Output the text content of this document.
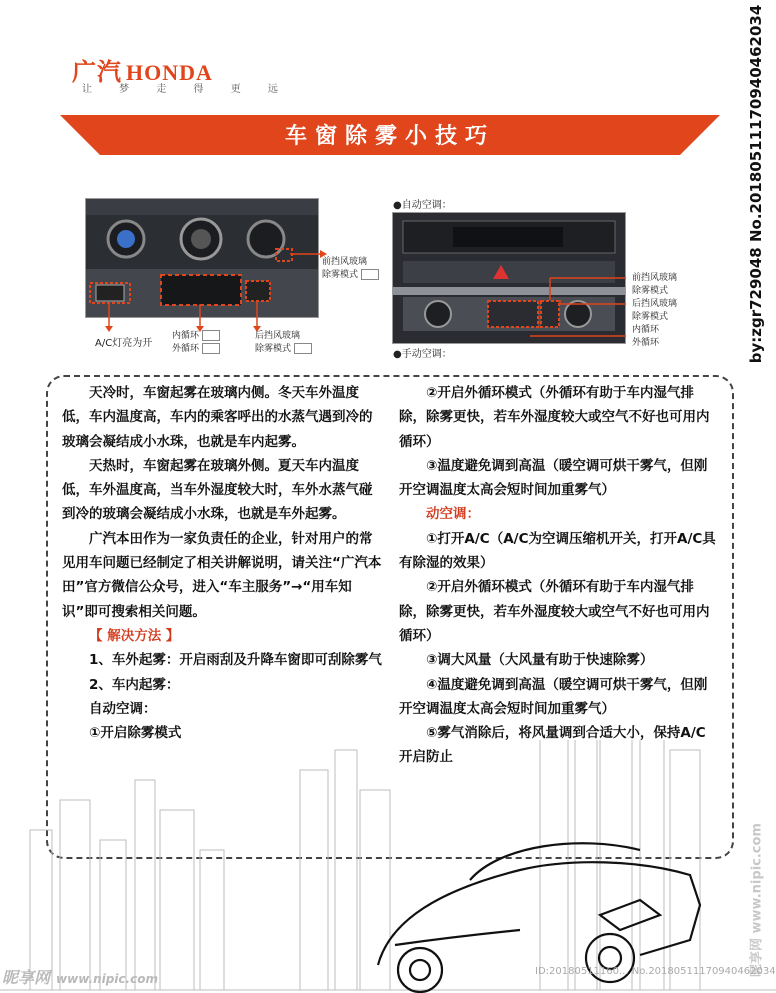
广汽 HONDA
让 梦 走 得 更 远	by:zgr729048 No.20180511170940462034
车窗除雾小技巧
前挡风玻璃
除雾模式
A/C灯亮为开
内循环
外循环
后挡风玻璃
除雾模式
●自动空调：
●手动空调：
前挡风玻璃
除雾模式
后挡风玻璃
除雾模式
内循环
外循环

天冷时，车窗起雾在玻璃内侧。冬天车外温度低，车内温度高，车内的乘客呼出的水蒸气遇到冷的玻璃会凝结成小水珠，也就是车内起雾。

天热时，车窗起雾在玻璃外侧。夏天车内温度低，车外温度高，当车外湿度较大时，车外水蒸气碰到冷的玻璃会凝结成小水珠，也就是车外起雾。

广汽本田作为一家负责任的企业，针对用户的常见用车问题已经制定了相关讲解说明，请关注“广汽本田”官方微信公众号，进入“车主服务”→“用车知识”即可搜索相关问题。

【 解决方法 】

1、车外起雾：开启雨刮及升降车窗即可刮除雾气

2、车内起雾：

自动空调：

①开启除雾模式

②开启外循环模式（外循环有助于车内湿气排除，除雾更快，若车外湿度较大或空气不好也可用内循环）

③温度避免调到高温（暖空调可烘干雾气，但刚开空调温度太高会短时间加重雾气）

动空调：

①打开A/C（A/C为空调压缩机开关，打开A/C具有除湿的效果）

②开启外循环模式（外循环有助于车内湿气排除，除雾更快，若车外湿度较大或空气不好也可用内循环）

③调大风量（大风量有助于快速除雾）

④温度避免调到高温（暖空调可烘干雾气，但刚开空调温度太高会短时间加重雾气）

⑤雾气消除后，将风量调到合适大小，保持A/C开启防止

昵享网 www.nipic.com
昵享网 www.nipic.com
ID:20180511160... No.20180511170940462034
